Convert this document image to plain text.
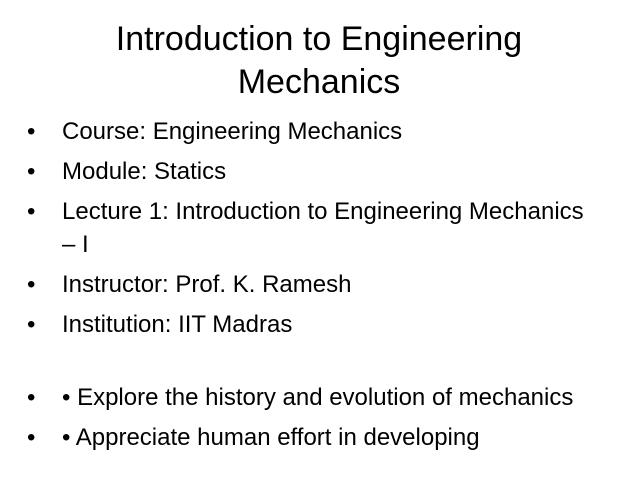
Introduction to Engineering Mechanics
• Course: Engineering Mechanics
• Module: Statics
• Lecture 1: Introduction to Engineering Mechanics – I
• Instructor: Prof. K. Ramesh
• Institution: IIT Madras
• • Explore the history and evolution of mechanics
• • Appreciate human effort in developing
